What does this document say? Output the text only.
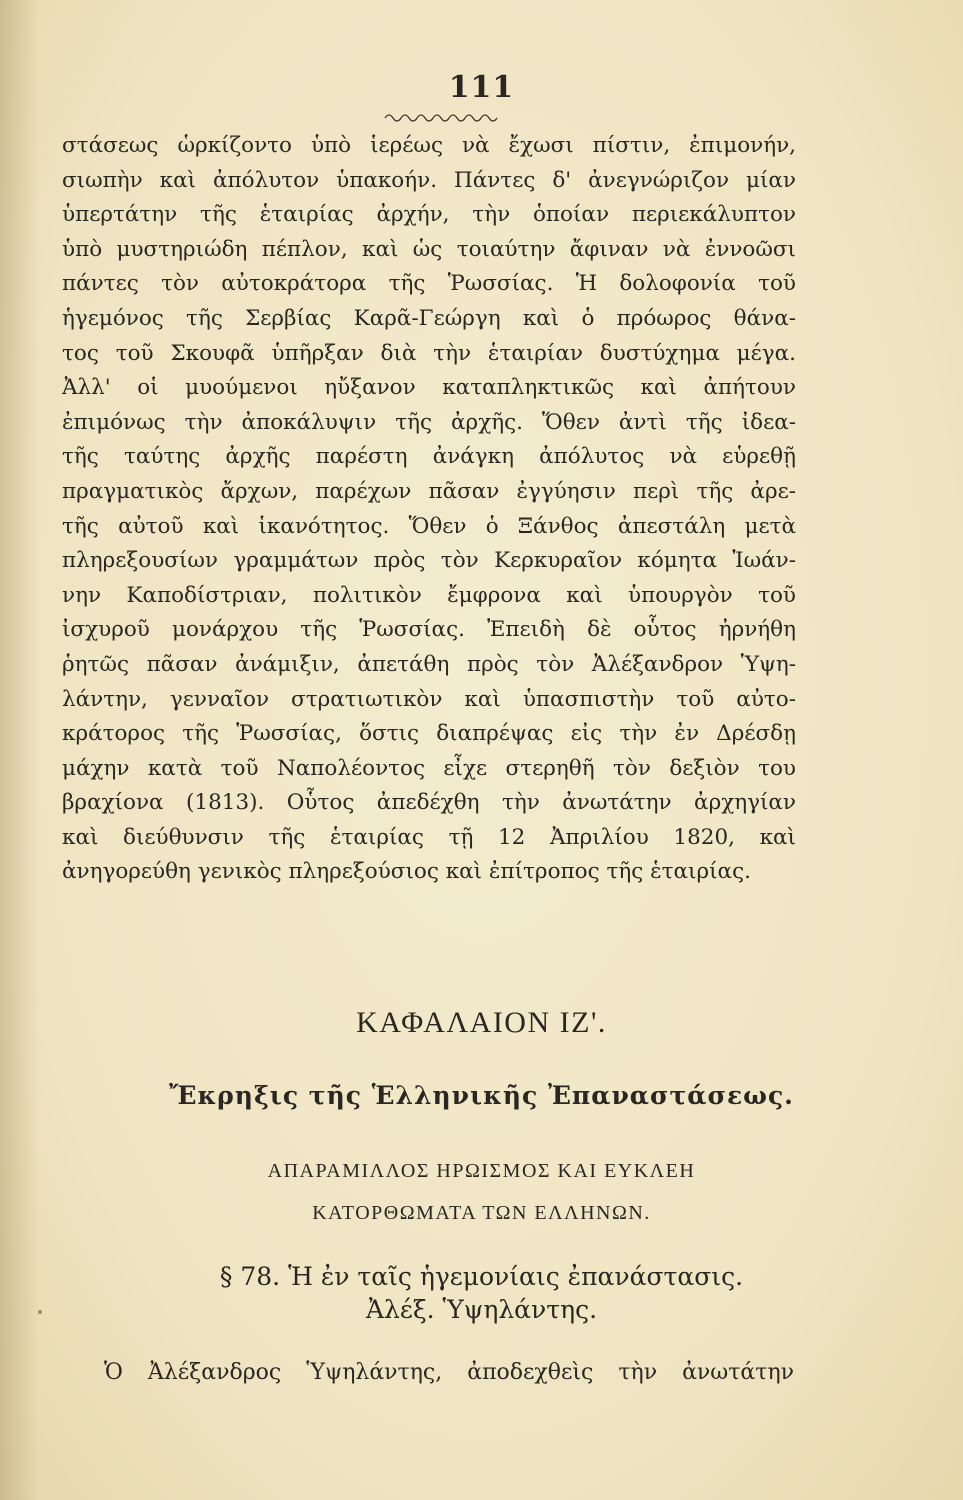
111
στάσεως ὡρκίζοντο ὑπὸ ἱερέως νὰ ἔχωσι πίστιν, ἐπιμονήν,
σιωπὴν καὶ ἀπόλυτον ὑπακοήν. Πάντες δ' ἀνεγνώριζον μίαν
ὑπερτάτην τῆς ἑταιρίας ἀρχήν, τὴν ὁποίαν περιεκάλυπτον
ὑπὸ μυστηριώδη πέπλον, καὶ ὡς τοιαύτην ἄφιναν νὰ ἐννοῶσι
πάντες τὸν αὐτοκράτορα τῆς Ῥωσσίας. Ἡ δολοφονία τοῦ
ἡγεμόνος τῆς Σερβίας Καρᾶ-Γεώργη καὶ ὁ πρόωρος θάνα-
τος τοῦ Σκουφᾶ ὑπῆρξαν διὰ τὴν ἑταιρίαν δυστύχημα μέγα.
Ἀλλ' οἱ μυούμενοι ηὔξανον καταπληκτικῶς καὶ ἀπήτουν
ἐπιμόνως τὴν ἀποκάλυψιν τῆς ἀρχῆς. Ὅθεν ἀντὶ τῆς ἰδεα-
τῆς ταύτης ἀρχῆς παρέστη ἀνάγκη ἀπόλυτος νὰ εὑρεθῇ
πραγματικὸς ἄρχων, παρέχων πᾶσαν ἐγγύησιν περὶ τῆς ἀρε-
τῆς αὐτοῦ καὶ ἱκανότητος. Ὅθεν ὁ Ξάνθος ἀπεστάλη μετὰ
πληρεξουσίων γραμμάτων πρὸς τὸν Κερκυραῖον κόμητα Ἰωάν-
νην Καποδίστριαν, πολιτικὸν ἔμφρονα καὶ ὑπουργὸν τοῦ
ἰσχυροῦ μονάρχου τῆς Ῥωσσίας. Ἐπειδὴ δὲ οὗτος ἠρνήθη
ῥητῶς πᾶσαν ἀνάμιξιν, ἀπετάθη πρὸς τὸν Ἀλέξανδρον Ὑψη-
λάντην, γενναῖον στρατιωτικὸν καὶ ὑπασπιστὴν τοῦ αὐτο-
κράτορος τῆς Ῥωσσίας, ὅστις διαπρέψας εἰς τὴν ἐν Δρέσδῃ
μάχην κατὰ τοῦ Ναπολέοντος εἶχε στερηθῆ τὸν δεξιὸν του
βραχίονα (1813). Οὗτος ἀπεδέχθη τὴν ἀνωτάτην ἀρχηγίαν
καὶ διεύθυνσιν τῆς ἑταιρίας τῇ 12 Ἀπριλίου 1820, καὶ
ἀνηγορεύθη γενικὸς πληρεξούσιος καὶ ἐπίτροπος τῆς ἑταιρίας.
ΚΑΦΑΛΑΙΟΝ ΙΖ'.
Ἔκρηξις τῆς Ἑλληνικῆς Ἐπαναστάσεως.
ΑΠΑΡΑΜΙΛΛΟΣ ΗΡΩΙΣΜΟΣ ΚΑΙ ΕΥΚΛΕΗ
ΚΑΤΟΡΘΩΜΑΤΑ ΤΩΝ ΕΛΛΗΝΩΝ.
§ 78. Ἡ ἐν ταῖς ἡγεμονίαις ἐπανάστασις.
Ἀλέξ. Ὑψηλάντης.
Ὁ Ἀλέξανδρος Ὑψηλάντης, ἀποδεχθεὶς τὴν ἀνωτάτην
